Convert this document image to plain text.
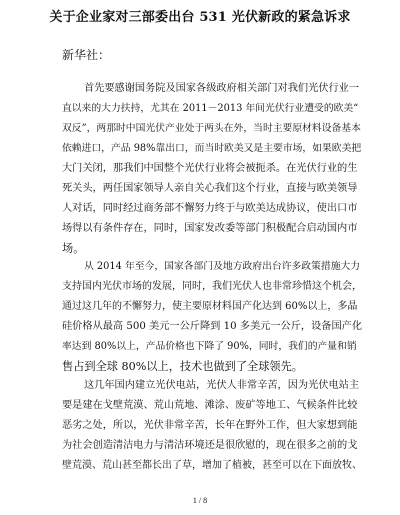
关于企业家对三部委出台 531 光伏新政的紧急诉求
新华社：
首先要感谢国务院及国家各级政府相关部门对我们光伏行业一
直以来的大力扶持，尤其在 2011－2013 年间光伏行业遭受的欧美“
双反”，两那时中国光伏产业处于两头在外，当时主要原材料设备基本
依赖进口，产品 98%靠出口，而当时欧美又是主要市场，如果欧美把
大门关闭，那我们中国整个光伏行业将会被扼杀。在光伏行业的生
死关头，两任国家领导人亲自关心我们这个行业，直接与欧美领导
人对话，同时经过商务部不懈努力终于与欧美达成协议，使出口市
场得以有条件存在，同时，国家发改委等部门积极配合启动国内市
场。
从 2014 年至今，国家各部门及地方政府出台许多政策措施大力
支持国内光伏市场的发展，同时，我们光伏人也非常珍惜这个机会，
通过这几年的不懈努力，使主要原材料国产化达到 60%以上，多晶
硅价格从最高 500 美元一公斤降到 10 多美元一公斤，设备国产化
率达到 80%以上，产品价格也下降了 90%，同时，我们的产量和销
售占到全球 80%以上，技术也做到了全球领先。
这几年国内建立光伏电站，光伏人非常辛苦，因为光伏电站主
要是建在戈壁荒漠、荒山荒地、滩涂、废矿等地工、气候条件比较
恶劣之处，所以，光伏非常辛苦，长年在野外工作，但大家想到能
为社会创造清洁电力与清洁环境还是很欣慰的，现在很多之前的戈
壁荒漠、荒山甚至都长出了草，增加了植被，甚至可以在下面放牧、
1 / 8
